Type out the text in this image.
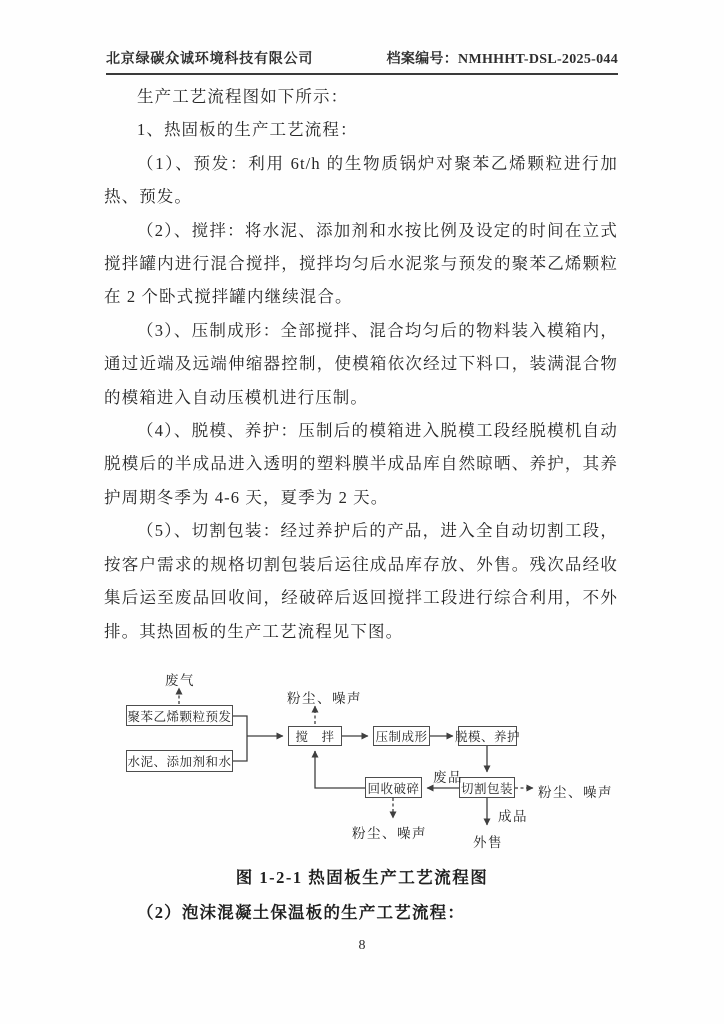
北京绿碳众诚环境科技有限公司	档案编号：NMHHHT-DSL-2025-044

生产工艺流程图如下所示：

1、热固板的生产工艺流程：

（1）、预发：利用 6t/h 的生物质锅炉对聚苯乙烯颗粒进行加热、预发。

（2）、搅拌：将水泥、添加剂和水按比例及设定的时间在立式搅拌罐内进行混合搅拌，搅拌均匀后水泥浆与预发的聚苯乙烯颗粒在 2 个卧式搅拌罐内继续混合。

（3）、压制成形：全部搅拌、混合均匀后的物料装入模箱内，通过近端及远端伸缩器控制，使模箱依次经过下料口，装满混合物的模箱进入自动压模机进行压制。

（4）、脱模、养护：压制后的模箱进入脱模工段经脱模机自动脱模后的半成品进入透明的塑料膜半成品库自然晾晒、养护，其养护周期冬季为 4-6 天，夏季为 2 天。

（5）、切割包装：经过养护后的产品，进入全自动切割工段，按客户需求的规格切割包装后运往成品库存放、外售。残次品经收集后运至废品回收间，经破碎后返回搅拌工段进行综合利用，不外排。其热固板的生产工艺流程见下图。

聚苯乙烯颗粒预发
水泥、添加剂和水
搅　拌	压制成形 脱模、养护
切割包装
回收破碎
废气
粉尘、噪声
废品
粉尘、噪声
粉尘、噪声
成品
外售
图 1-2-1 热固板生产工艺流程图
（2）泡沫混凝土保温板的生产工艺流程：
8
